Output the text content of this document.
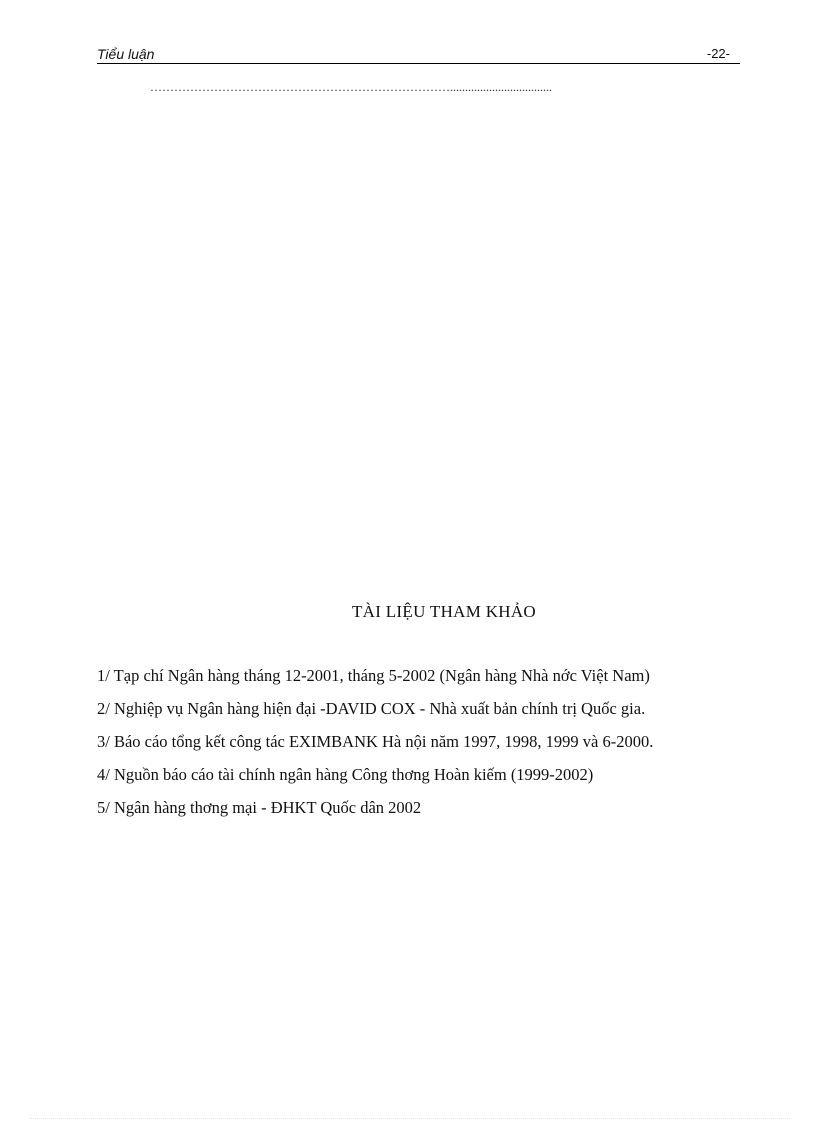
Tiểu luận	-22-
…………………………………………………………………..................................
TÀI LIỆU THAM KHẢO
1/ Tạp chí Ngân hàng tháng 12-2001, tháng 5-2002 (Ngân hàng Nhà nớc Việt Nam)
2/ Nghiệp vụ Ngân hàng hiện đại -DAVID COX - Nhà xuất bản chính trị Quốc gia.
3/ Báo cáo tổng kết công tác EXIMBANK Hà nội năm 1997, 1998, 1999 và 6-2000.
4/ Nguồn báo cáo tài chính ngân hàng Công thơng Hoàn kiếm (1999-2002)
5/ Ngân hàng thơng mại - ĐHKT Quốc dân 2002
